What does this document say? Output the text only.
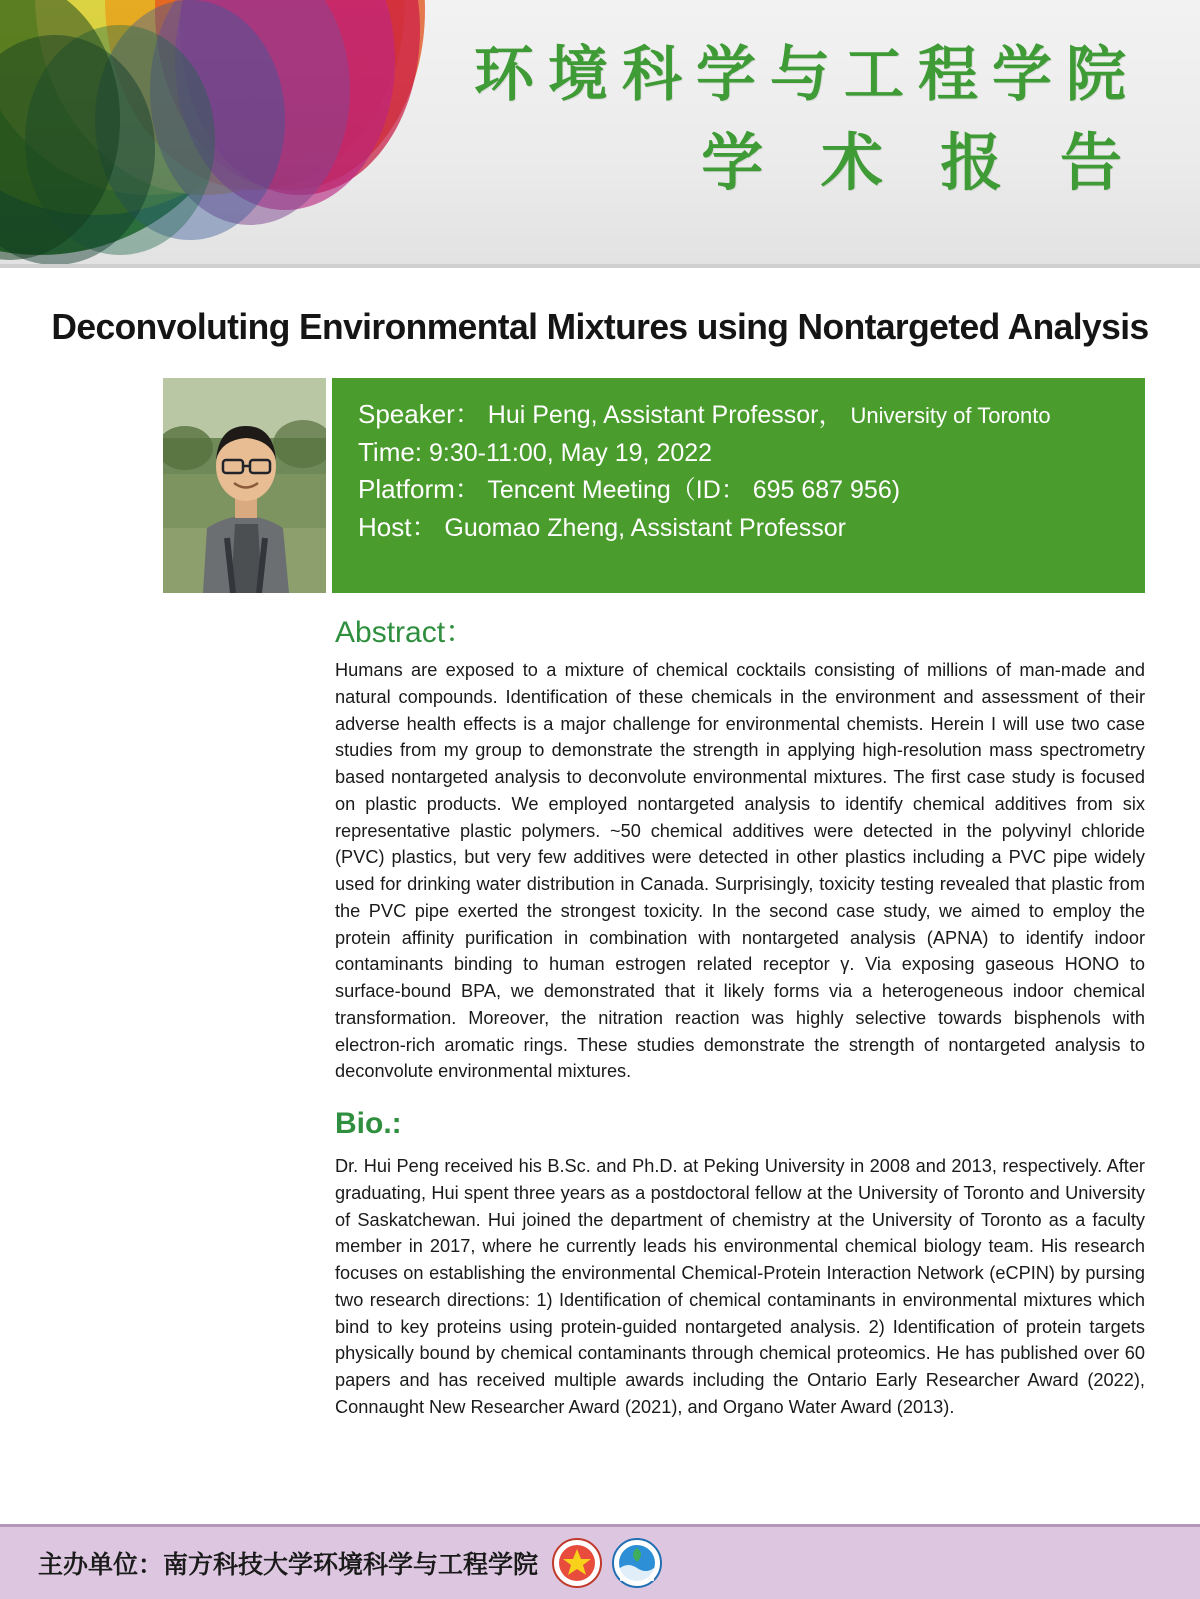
环境科学与工程学院
学 术 报 告
Deconvoluting Environmental Mixtures using Nontargeted Analysis
Speaker： Hui Peng, Assistant Professor， University of Toronto
Time: 9:30-11:00, May 19, 2022
Platform： Tencent Meeting（ID： 695 687 956)
Host： Guomao Zheng, Assistant Professor
Abstract：
Humans are exposed to a mixture of chemical cocktails consisting of millions of man-made and natural compounds. Identification of these chemicals in the environment and assessment of their adverse health effects is a major challenge for environmental chemists. Herein I will use two case studies from my group to demonstrate the strength in applying high-resolution mass spectrometry based nontargeted analysis to deconvolute environmental mixtures. The first case study is focused on plastic products. We employed nontargeted analysis to identify chemical additives from six representative plastic polymers. ~50 chemical additives were detected in the polyvinyl chloride (PVC) plastics, but very few additives were detected in other plastics including a PVC pipe widely used for drinking water distribution in Canada. Surprisingly, toxicity testing revealed that plastic from the PVC pipe exerted the strongest toxicity. In the second case study, we aimed to employ the protein affinity purification in combination with nontargeted analysis (APNA) to identify indoor contaminants binding to human estrogen related receptor γ. Via exposing gaseous HONO to surface-bound BPA, we demonstrated that it likely forms via a heterogeneous indoor chemical transformation. Moreover, the nitration reaction was highly selective towards bisphenols with electron-rich aromatic rings. These studies demonstrate the strength of nontargeted analysis to deconvolute environmental mixtures.
Bio.:
Dr. Hui Peng received his B.Sc. and Ph.D. at Peking University in 2008 and 2013, respectively. After graduating, Hui spent three years as a postdoctoral fellow at the University of Toronto and University of Saskatchewan. Hui joined the department of chemistry at the University of Toronto as a faculty member in 2017, where he currently leads his environmental chemical biology team. His research focuses on establishing the environmental Chemical-Protein Interaction Network (eCPIN) by pursing two research directions: 1) Identification of chemical contaminants in environmental mixtures which bind to key proteins using protein-guided nontargeted analysis. 2) Identification of protein targets physically bound by chemical contaminants through chemical proteomics. He has published over 60 papers and has received multiple awards including the Ontario Early Researcher Award (2022), Connaught New Researcher Award (2021), and Organo Water Award (2013).
主办单位：南方科技大学环境科学与工程学院
